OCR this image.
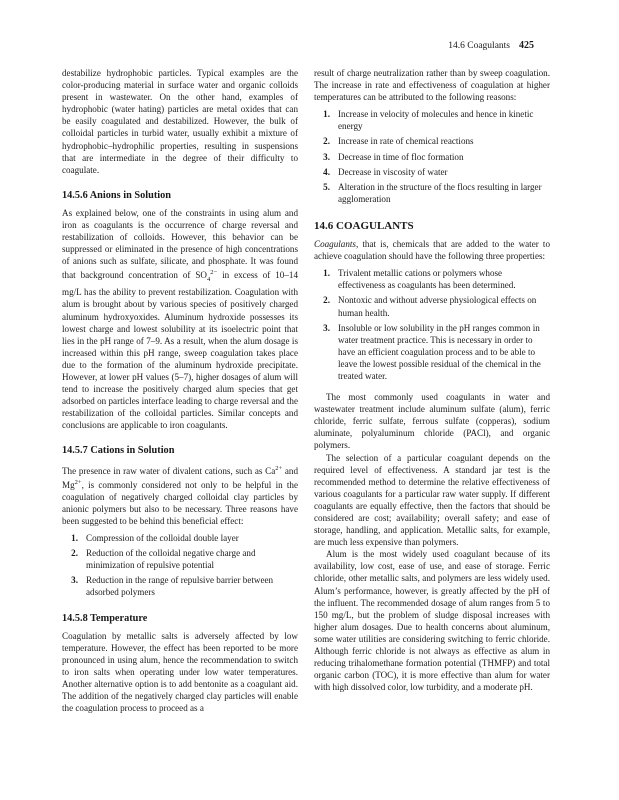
14.6 Coagulants 425

destabilize hydrophobic particles. Typical examples are the color-producing material in surface water and organic colloids present in wastewater. On the other hand, examples of hydrophobic (water hating) particles are metal oxides that can be easily coagulated and destabilized. However, the bulk of colloidal particles in turbid water, usually exhibit a mixture of hydrophobic–hydrophilic properties, resulting in suspensions that are intermediate in the degree of their difficulty to coagulate.

14.5.6 Anions in Solution

As explained below, one of the constraints in using alum and iron as coagulants is the occurrence of charge reversal and restabilization of colloids. However, this behavior can be suppressed or eliminated in the presence of high concentrations of anions such as sulfate, silicate, and phosphate. It was found that background concentration of $SO_4^{2-}$ in excess of 10–14 mg/L has the ability to prevent restabilization. Coagulation with alum is brought about by various species of positively charged aluminum hydroxyoxides. Aluminum hydroxide possesses its lowest charge and lowest solubility at its isoelectric point that lies in the pH range of 7–9. As a result, when the alum dosage is increased within this pH range, sweep coagulation takes place due to the formation of the aluminum hydroxide precipitate. However, at lower pH values (5–7), higher dosages of alum will tend to increase the positively charged alum species that get adsorbed on particles interface leading to charge reversal and the restabilization of the colloidal particles. Similar concepts and conclusions are applicable to iron coagulants.

14.5.7 Cations in Solution

The presence in raw water of divalent cations, such as $Ca^{2+}$ and $Mg^{2+}$, is commonly considered not only to be helpful in the coagulation of negatively charged colloidal clay particles by anionic polymers but also to be necessary. Three reasons have been suggested to be behind this beneficial effect:

1. Compression of the colloidal double layer
2. Reduction of the colloidal negative charge and minimization of repulsive potential
3. Reduction in the range of repulsive barrier between adsorbed polymers
14.5.8 Temperature

Coagulation by metallic salts is adversely affected by low temperature. However, the effect has been reported to be more pronounced in using alum, hence the recommendation to switch to iron salts when operating under low water temperatures. Another alternative option is to add bentonite as a coagulant aid. The addition of the negatively charged clay particles will enable the coagulation process to proceed as a

result of charge neutralization rather than by sweep coagulation. The increase in rate and effectiveness of coagulation at higher temperatures can be attributed to the following reasons:

1. Increase in velocity of molecules and hence in kinetic energy
2. Increase in rate of chemical reactions
3. Decrease in time of floc formation
4. Decrease in viscosity of water
5. Alteration in the structure of the flocs resulting in larger agglomeration
14.6 COAGULANTS

Coagulants, that is, chemicals that are added to the water to achieve coagulation should have the following three properties:

1. Trivalent metallic cations or polymers whose effectiveness as coagulants has been determined.
2. Nontoxic and without adverse physiological effects on human health.
3. Insoluble or low solubility in the pH ranges common in water treatment practice. This is necessary in order to have an efficient coagulation process and to be able to leave the lowest possible residual of the chemical in the treated water.

The most commonly used coagulants in water and wastewater treatment include aluminum sulfate (alum), ferric chloride, ferric sulfate, ferrous sulfate (copperas), sodium aluminate, polyaluminum chloride (PACl), and organic polymers.

The selection of a particular coagulant depends on the required level of effectiveness. A standard jar test is the recommended method to determine the relative effectiveness of various coagulants for a particular raw water supply. If different coagulants are equally effective, then the factors that should be considered are cost; availability; overall safety; and ease of storage, handling, and application. Metallic salts, for example, are much less expensive than polymers.

Alum is the most widely used coagulant because of its availability, low cost, ease of use, and ease of storage. Ferric chloride, other metallic salts, and polymers are less widely used. Alum’s performance, however, is greatly affected by the pH of the influent. The recommended dosage of alum ranges from 5 to 150 mg/L, but the problem of sludge disposal increases with higher alum dosages. Due to health concerns about aluminum, some water utilities are considering switching to ferric chloride. Although ferric chloride is not always as effective as alum in reducing trihalomethane formation potential (THMFP) and total organic carbon (TOC), it is more effective than alum for water with high dissolved color, low turbidity, and a moderate pH.
